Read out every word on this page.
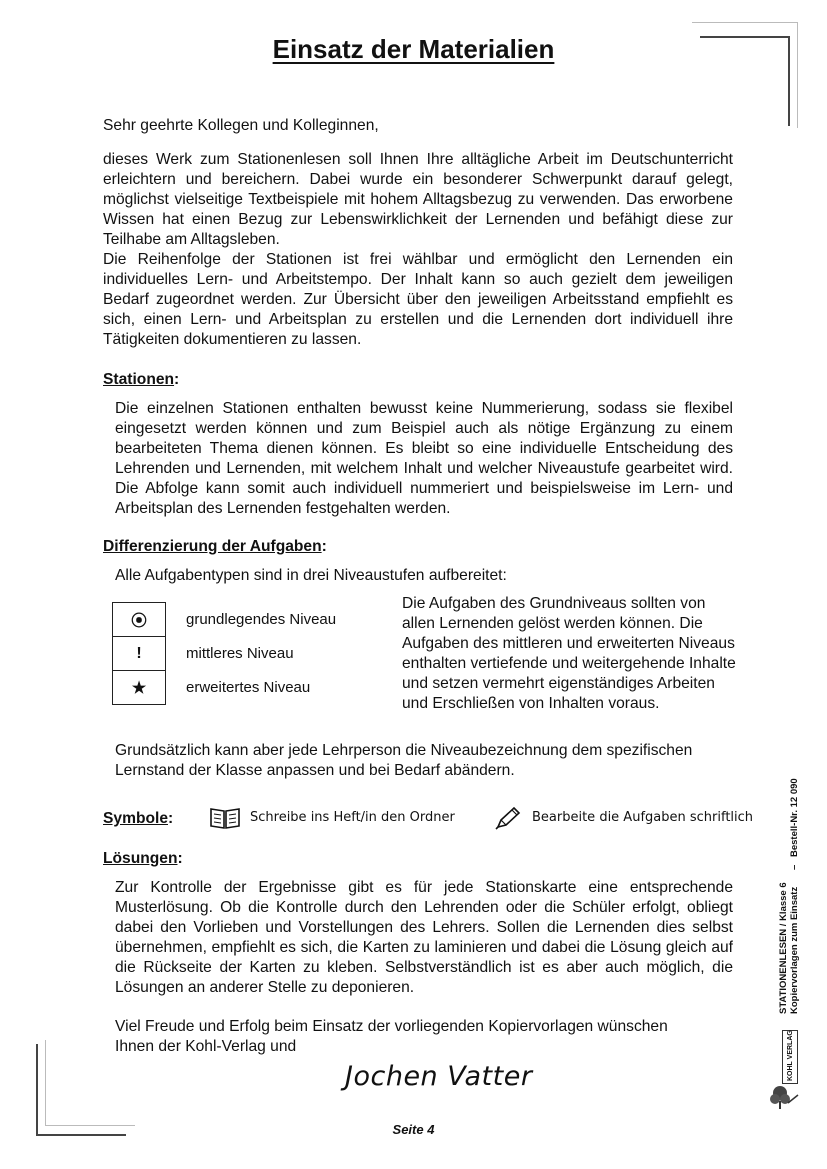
Einsatz der Materialien

Sehr geehrte Kollegen und Kolleginnen,

dieses Werk zum Stationenlesen soll Ihnen Ihre alltägliche Arbeit im Deutschunterricht erleichtern und bereichern. Dabei wurde ein besonderer Schwerpunkt darauf gelegt, möglichst vielseitige Textbeispiele mit hohem Alltagsbezug zu verwenden. Das erworbene Wissen hat einen Bezug zur Lebenswirklichkeit der Lernenden und befähigt diese zur Teilhabe am Alltagsleben.

Die Reihenfolge der Stationen ist frei wählbar und ermöglicht den Lernenden ein individuelles Lern- und Arbeitstempo. Der Inhalt kann so auch gezielt dem jeweiligen Bedarf zugeordnet werden. Zur Übersicht über den jeweiligen Arbeitsstand empfiehlt es sich, einen Lern- und Arbeitsplan zu erstellen und die Lernenden dort individuell ihre Tätigkeiten dokumentieren zu lassen.

Stationen:

Die einzelnen Stationen enthalten bewusst keine Nummerierung, sodass sie flexibel eingesetzt werden können und zum Beispiel auch als nötige Ergänzung zu einem bearbeiteten Thema dienen können. Es bleibt so eine individuelle Entscheidung des Lehrenden und Lernenden, mit welchem Inhalt und welcher Niveaustufe gearbeitet wird. Die Abfolge kann somit auch individuell nummeriert und beispielsweise im Lern- und Arbeitsplan des Lernenden festgehalten werden.

Differenzierung der Aufgaben:

Alle Aufgabentypen sind in drei Niveaustufen aufbereitet:

⦿	grundlegendes Niveau
!	mittleres Niveau
★	erweitertes Niveau

Die Aufgaben des Grundniveaus sollten von allen Lernenden gelöst werden können. Die Aufgaben des mittleren und erweiterten Niveaus enthalten vertiefende und weitergehende Inhalte und setzen vermehrt eigenständiges Arbeiten und Erschließen von Inhalten voraus.

Grundsätzlich kann aber jede Lehrperson die Niveaubezeichnung dem spezifischen Lernstand der Klasse anpassen und bei Bedarf abändern.

Symbole:	Schreibe ins Heft/in den Ordner	Bearbeite die Aufgaben schriftlich
Lösungen:

Zur Kontrolle der Ergebnisse gibt es für jede Stationskarte eine entsprechende Musterlösung. Ob die Kontrolle durch den Lehrenden oder die Schüler erfolgt, obliegt dabei den Vorlieben und Vorstellungen des Lehrers. Sollen die Lernenden dies selbst übernehmen, empfiehlt es sich, die Karten zu laminieren und dabei die Lösung gleich auf die Rückseite der Karten zu kleben. Selbstverständlich ist es aber auch möglich, die Lösungen an anderer Stelle zu deponieren.

Viel Freude und Erfolg beim Einsatz der vorliegenden Kopiervorlagen wünschen

Ihnen der Kohl-Verlag und

Jochen Vatter
Seite 4
STATIONENLESEN / Klasse 6 Kopiervorlagen zum Einsatz
–
Bestell-Nr. 12 090
KOHL VERLAG
